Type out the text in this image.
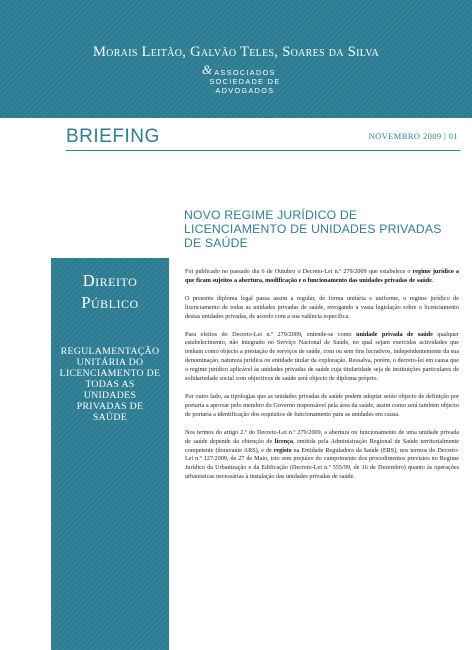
Morais Leitão, Galvão Teles, Soares da Silva
& ASSOCIADOS
SOCIEDADE DE
ADVOGADOS
BRIEFING	NOVEMBRO 2009 | 01
NOVO REGIME JURÍDICO DE LICENCIAMENTO DE UNIDADES PRIVADAS DE SAÚDE
Direito
Público
REGULAMENTAÇÃO UNITÁRIA DO LICENCIAMENTO DE TODAS AS UNIDADES PRIVADAS DE SAÚDE

Foi publicado no passado dia 6 de Outubro o Decreto-Lei n.º 279/2009 que estabelece o regime jurídico a que ficam sujeitos a abertura, modificação e o funcionamento das unidades privadas de saúde.

O presente diploma legal passa assim a regular, de forma unitária e uniforme, o regime jurídico de licenciamento de todas as unidades privadas de saúde, revogando a vasta legislação sobre o licenciamento destas unidades privadas, de acordo com a sua valência específica.

Para efeitos do Decreto-Lei n.º 279/2009, entende-se como unidade privada de saúde qualquer estabelecimento, não integrado no Serviço Nacional de Saúde, no qual sejam exercidas actividades que tenham como objecto a prestação de serviços de saúde, com ou sem fins lucrativos, independentemente da sua denominação, natureza jurídica ou entidade titular da exploração. Ressalva, porém, o decreto-lei em causa que o regime jurídico aplicável às unidades privadas de saúde cuja titularidade seja de instituições particulares de solidariedade social com objectivos de saúde será objecto de diploma próprio.

Por outro lado, as tipologias que as unidades privadas de saúde podem adoptar serão objecto de definição por portaria a aprovar pelo membro do Governo responsável pela área da saúde, assim como será também objecto de portaria a identificação dos requisitos de funcionamento para as unidades em causa.

Nos termos do artigo 2.º do Decreto-Lei n.º 279/2009, a abertura ou funcionamento de uma unidade privada de saúde depende da obtenção de licença, emitida pela Administração Regional de Saúde territorialmente competente (doravante ARS), e de registo na Entidade Reguladora da Saúde (ERS), nos termos do Decreto-Lei n.º 127/2009, de 27 de Maio, isto sem prejuízo do cumprimento dos procedimentos previstos no Regime Jurídico da Urbanização e da Edificação (Decreto-Lei n.º 555/99, de 16 de Dezembro) quanto às operações urbanísticas necessárias à instalação das unidades privadas de saúde.
